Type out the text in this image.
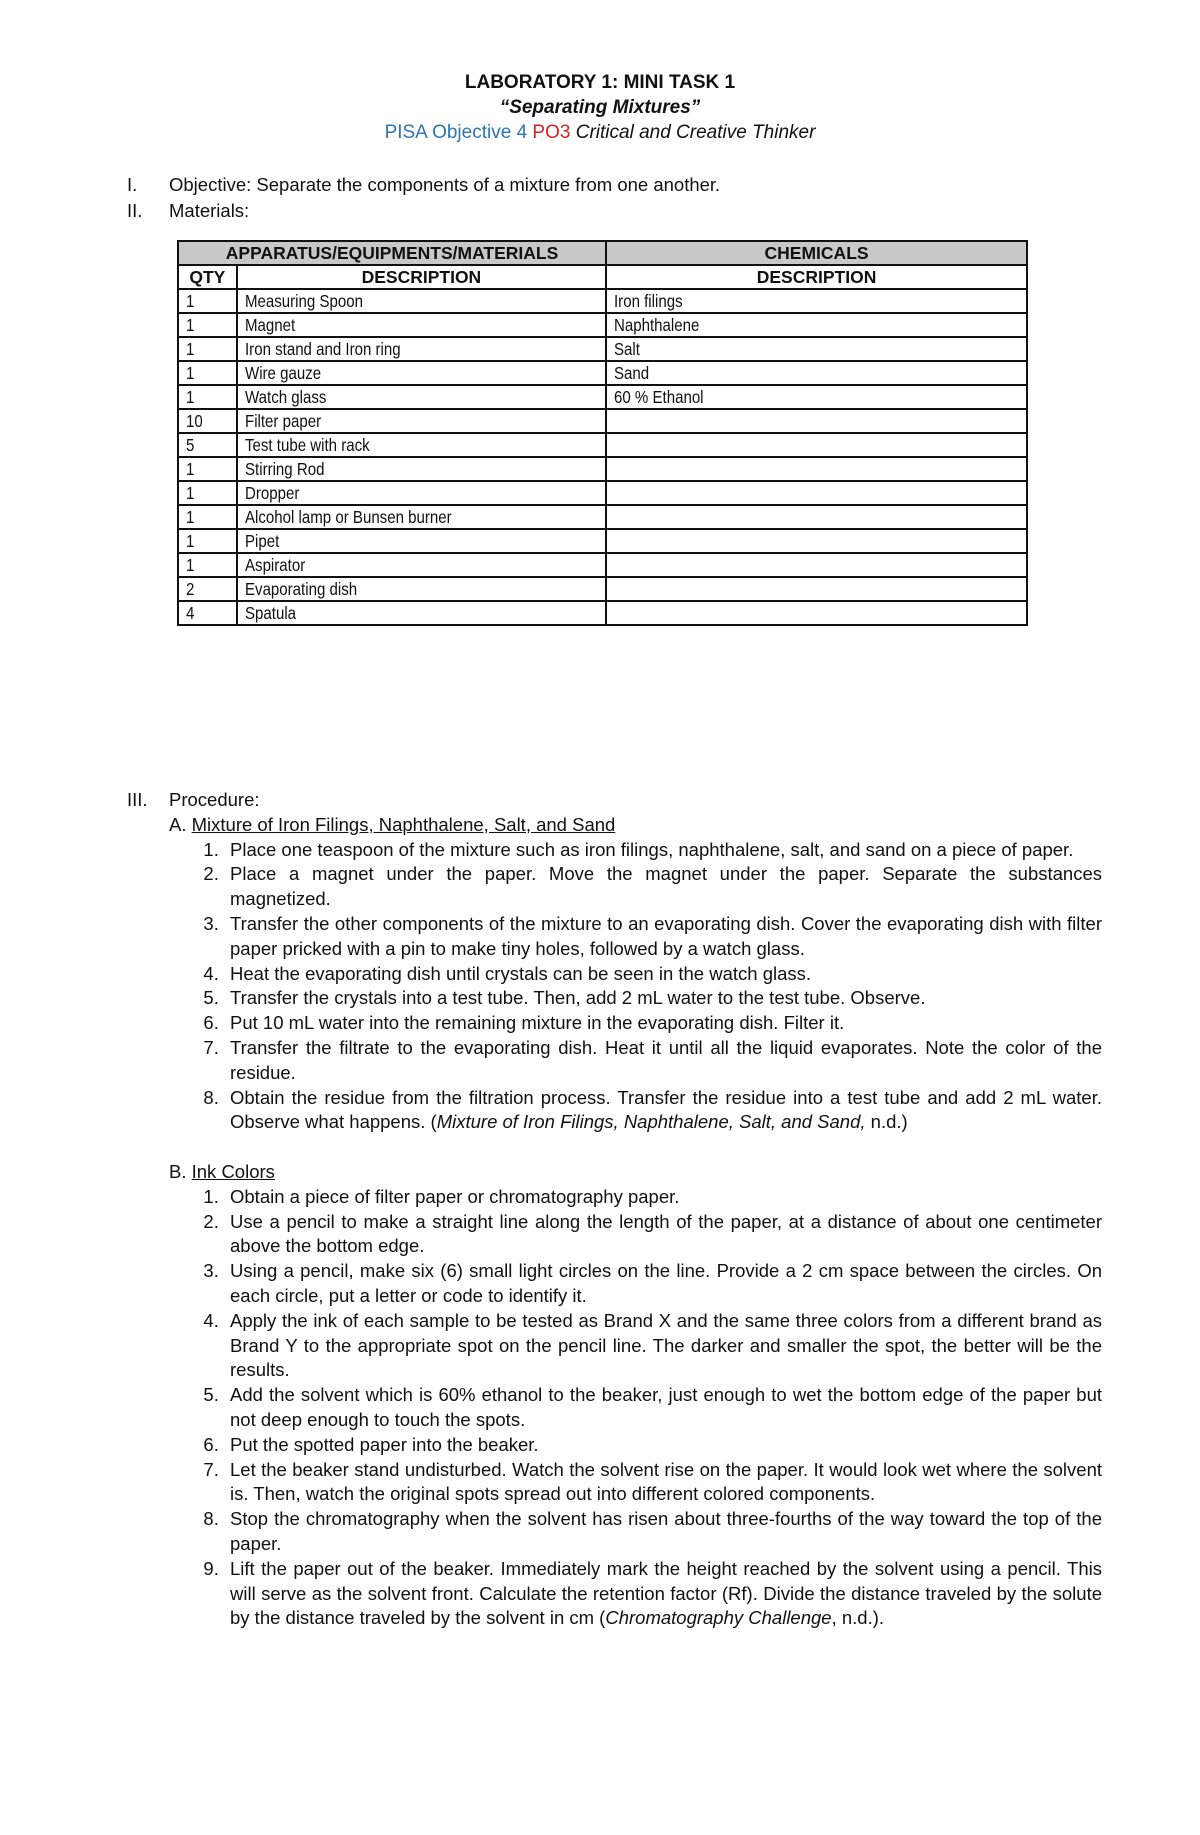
LABORATORY 1: MINI TASK 1
“Separating Mixtures”
PISA Objective 4 PO3 Critical and Creative Thinker
I. Objective: Separate the components of a mixture from one another.
II. Materials:
APPARATUS/EQUIPMENTS/MATERIALS		CHEMICALS
QTY	DESCRIPTION	DESCRIPTION
1	Measuring Spoon	Iron filings
1	Magnet	Naphthalene
1	Iron stand and Iron ring	Salt
1	Wire gauze	Sand
1	Watch glass	60 % Ethanol
10	Filter paper	
5	Test tube with rack	
1	Stirring Rod	
1	Dropper	
1	Alcohol lamp or Bunsen burner	
1	Pipet	
1	Aspirator	
2	Evaporating dish	
4	Spatula	
III. Procedure:
A. Mixture of Iron Filings, Naphthalene, Salt, and Sand
1. Place one teaspoon of the mixture such as iron filings, naphthalene, salt, and sand on a piece of paper.
2. Place a magnet under the paper. Move the magnet under the paper. Separate the substances magnetized.
3. Transfer the other components of the mixture to an evaporating dish. Cover the evaporating dish with filter paper pricked with a pin to make tiny holes, followed by a watch glass.
4. Heat the evaporating dish until crystals can be seen in the watch glass.
5. Transfer the crystals into a test tube. Then, add 2 mL water to the test tube. Observe.
6. Put 10 mL water into the remaining mixture in the evaporating dish. Filter it.
7. Transfer the filtrate to the evaporating dish. Heat it until all the liquid evaporates. Note the color of the residue.
8. Obtain the residue from the filtration process. Transfer the residue into a test tube and add 2 mL water. Observe what happens. (Mixture of Iron Filings, Naphthalene, Salt, and Sand, n.d.)
B. Ink Colors
1. Obtain a piece of filter paper or chromatography paper.
2. Use a pencil to make a straight line along the length of the paper, at a distance of about one centimeter above the bottom edge.
3. Using a pencil, make six (6) small light circles on the line. Provide a 2 cm space between the circles. On each circle, put a letter or code to identify it.
4. Apply the ink of each sample to be tested as Brand X and the same three colors from a different brand as Brand Y to the appropriate spot on the pencil line. The darker and smaller the spot, the better will be the results.
5. Add the solvent which is 60% ethanol to the beaker, just enough to wet the bottom edge of the paper but not deep enough to touch the spots.
6. Put the spotted paper into the beaker.
7. Let the beaker stand undisturbed. Watch the solvent rise on the paper. It would look wet where the solvent is. Then, watch the original spots spread out into different colored components.
8. Stop the chromatography when the solvent has risen about three-fourths of the way toward the top of the paper.
9. Lift the paper out of the beaker. Immediately mark the height reached by the solvent using a pencil. This will serve as the solvent front. Calculate the retention factor (Rf). Divide the distance traveled by the solute by the distance traveled by the solvent in cm (Chromatography Challenge, n.d.).
